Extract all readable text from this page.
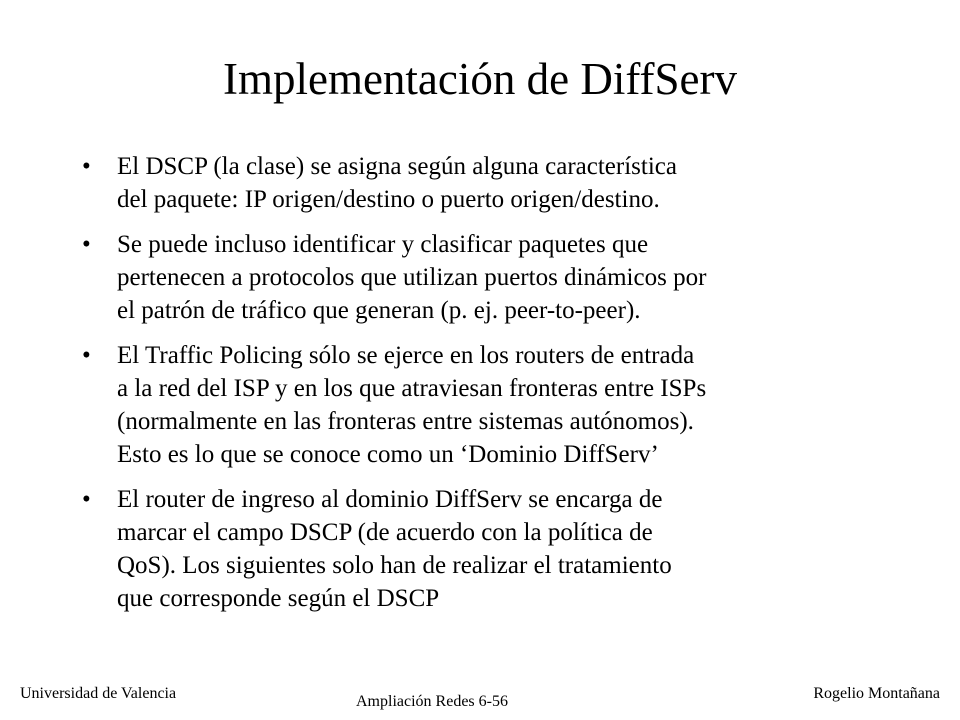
Implementación de DiffServ
• El DSCP (la clase) se asigna según alguna característica
del paquete: IP origen/destino o puerto origen/destino.
• Se puede incluso identificar y clasificar paquetes que
pertenecen a protocolos que utilizan puertos dinámicos por
el patrón de tráfico que generan (p. ej. peer-to-peer).
• El Traffic Policing sólo se ejerce en los routers de entrada
a la red del ISP y en los que atraviesan fronteras entre ISPs
(normalmente en las fronteras entre sistemas autónomos).
Esto es lo que se conoce como un ‘Dominio DiffServ’
• El router de ingreso al dominio DiffServ se encarga de
marcar el campo DSCP (de acuerdo con la política de
QoS). Los siguientes solo han de realizar el tratamiento
que corresponde según el DSCP
Universidad de Valencia	Ampliación Redes 6-56	Rogelio Montañana
